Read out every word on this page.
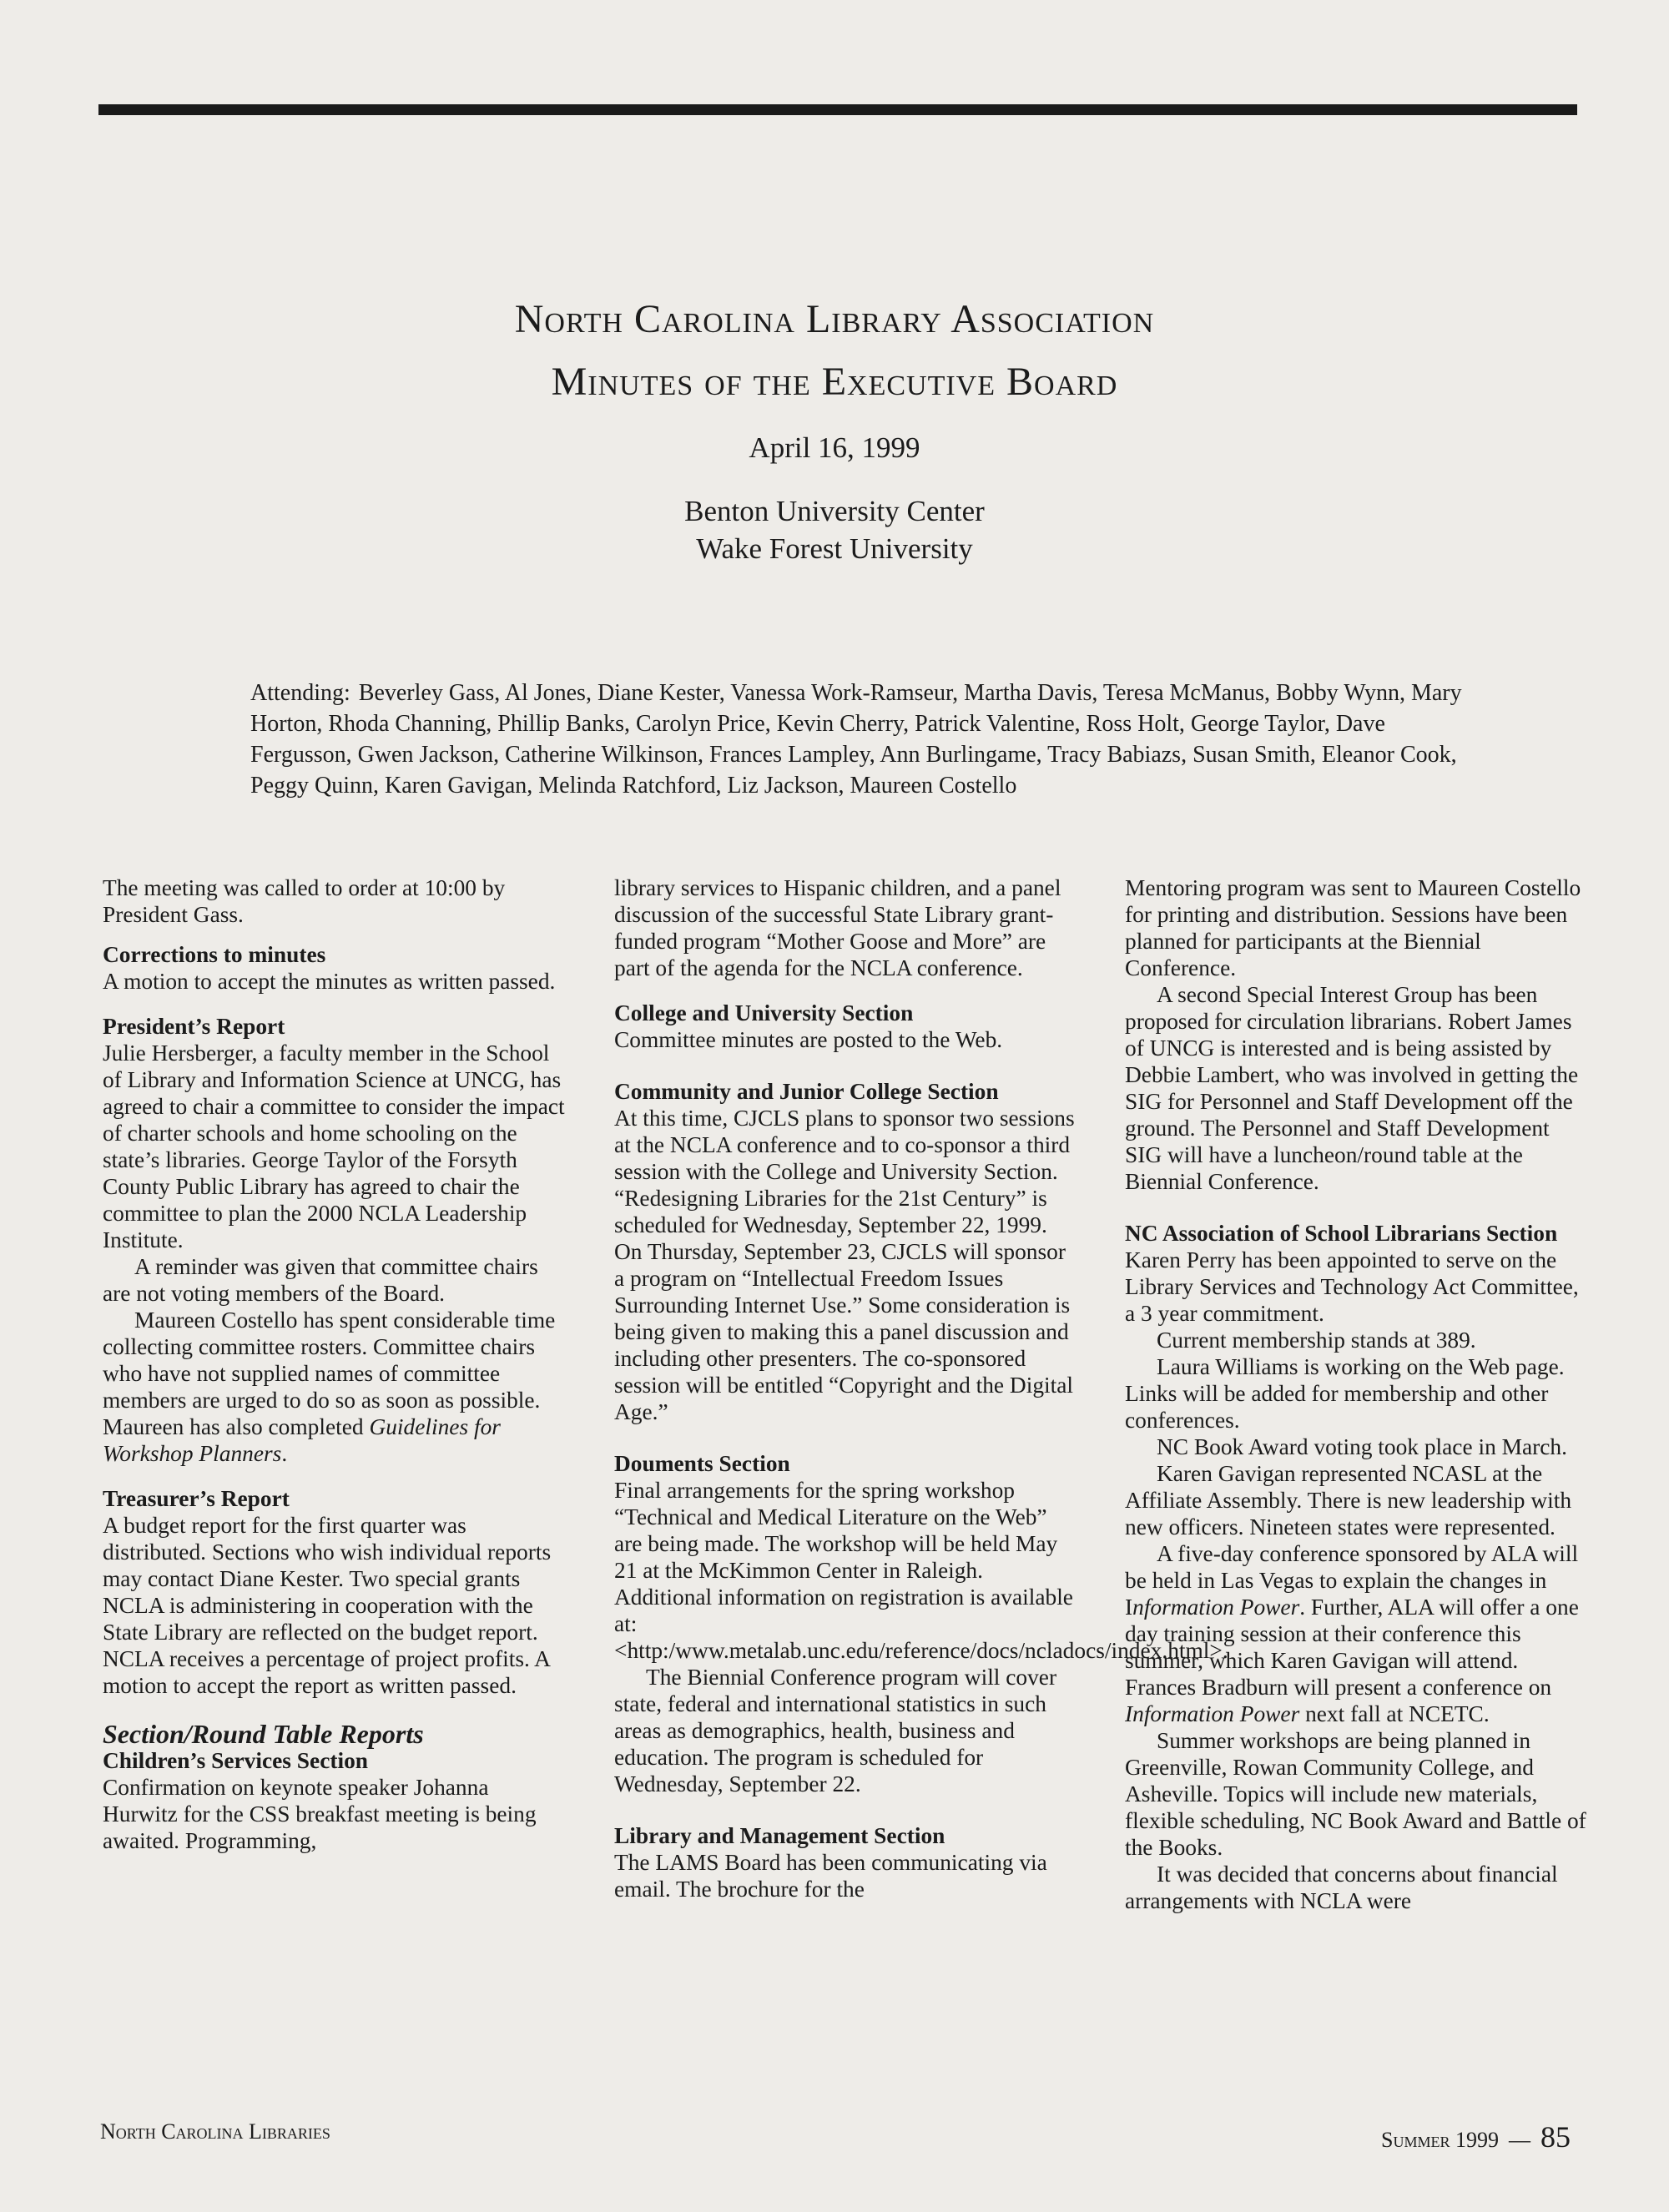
North Carolina Library Association
Minutes of the Executive Board
April 16, 1999
Benton University Center
Wake Forest University
Attending: Beverley Gass, Al Jones, Diane Kester, Vanessa Work-Ramseur, Martha Davis, Teresa McManus, Bobby Wynn, Mary Horton, Rhoda Channing, Phillip Banks, Carolyn Price, Kevin Cherry, Patrick Valentine, Ross Holt, George Taylor, Dave Fergusson, Gwen Jackson, Catherine Wilkinson, Frances Lampley, Ann Burlingame, Tracy Babiazs, Susan Smith, Eleanor Cook, Peggy Quinn, Karen Gavigan, Melinda Ratchford, Liz Jackson, Maureen Costello

The meeting was called to order at 10:00 by President Gass.

Corrections to minutes

A motion to accept the minutes as written passed.

President’s Report

Julie Hersberger, a faculty member in the School of Library and Information Science at UNCG, has agreed to chair a committee to consider the impact of charter schools and home schooling on the state’s libraries. George Taylor of the Forsyth County Public Library has agreed to chair the committee to plan the 2000 NCLA Leadership Institute.

A reminder was given that committee chairs are not voting members of the Board.

Maureen Costello has spent considerable time collecting committee rosters. Committee chairs who have not supplied names of committee members are urged to do so as soon as possible. Maureen has also completed Guidelines for Workshop Planners.

Treasurer’s Report

A budget report for the first quarter was distributed. Sections who wish individual reports may contact Diane Kester. Two special grants NCLA is administering in cooperation with the State Library are reflected on the budget report. NCLA receives a percentage of project profits. A motion to accept the report as written passed.

Section/Round Table Reports
Children’s Services Section

Confirmation on keynote speaker Johanna Hurwitz for the CSS breakfast meeting is being awaited. Programming,

library services to Hispanic children, and a panel discussion of the successful State Library grant-funded program “Mother Goose and More” are part of the agenda for the NCLA conference.

College and University Section

Committee minutes are posted to the Web.

Community and Junior College Section

At this time, CJCLS plans to sponsor two sessions at the NCLA conference and to co-sponsor a third session with the College and University Section. “Redesigning Libraries for the 21st Century” is scheduled for Wednesday, September 22, 1999. On Thursday, September 23, CJCLS will sponsor a program on “Intellectual Freedom Issues Surrounding Internet Use.” Some consideration is being given to making this a panel discussion and including other presenters. The co-sponsored session will be entitled “Copyright and the Digital Age.”

Douments Section

Final arrangements for the spring workshop “Technical and Medical Literature on the Web” are being made. The workshop will be held May 21 at the McKimmon Center in Raleigh. Additional information on registration is available at: <http:/www.metalab.unc.edu/reference/docs/ncladocs/index.html>.

The Biennial Conference program will cover state, federal and international statistics in such areas as demographics, health, business and education. The program is scheduled for Wednesday, September 22.

Library and Management Section

The LAMS Board has been communicating via email. The brochure for the

Mentoring program was sent to Maureen Costello for printing and distribution. Sessions have been planned for participants at the Biennial Conference.

A second Special Interest Group has been proposed for circulation librarians. Robert James of UNCG is interested and is being assisted by Debbie Lambert, who was involved in getting the SIG for Personnel and Staff Development off the ground. The Personnel and Staff Development SIG will have a luncheon/round table at the Biennial Conference.

NC Association of School Librarians Section

Karen Perry has been appointed to serve on the Library Services and Technology Act Committee, a 3 year commitment.

Current membership stands at 389.

Laura Williams is working on the Web page. Links will be added for membership and other conferences.

NC Book Award voting took place in March.

Karen Gavigan represented NCASL at the Affiliate Assembly. There is new leadership with new officers. Nineteen states were represented.

A five-day conference sponsored by ALA will be held in Las Vegas to explain the changes in Information Power. Further, ALA will offer a one day training session at their conference this summer, which Karen Gavigan will attend. Frances Bradburn will present a conference on Information Power next fall at NCETC.

Summer workshops are being planned in Greenville, Rowan Community College, and Asheville. Topics will include new materials, flexible scheduling, NC Book Award and Battle of the Books.

It was decided that concerns about financial arrangements with NCLA were

North Carolina Libraries	Summer 1999 — 85
